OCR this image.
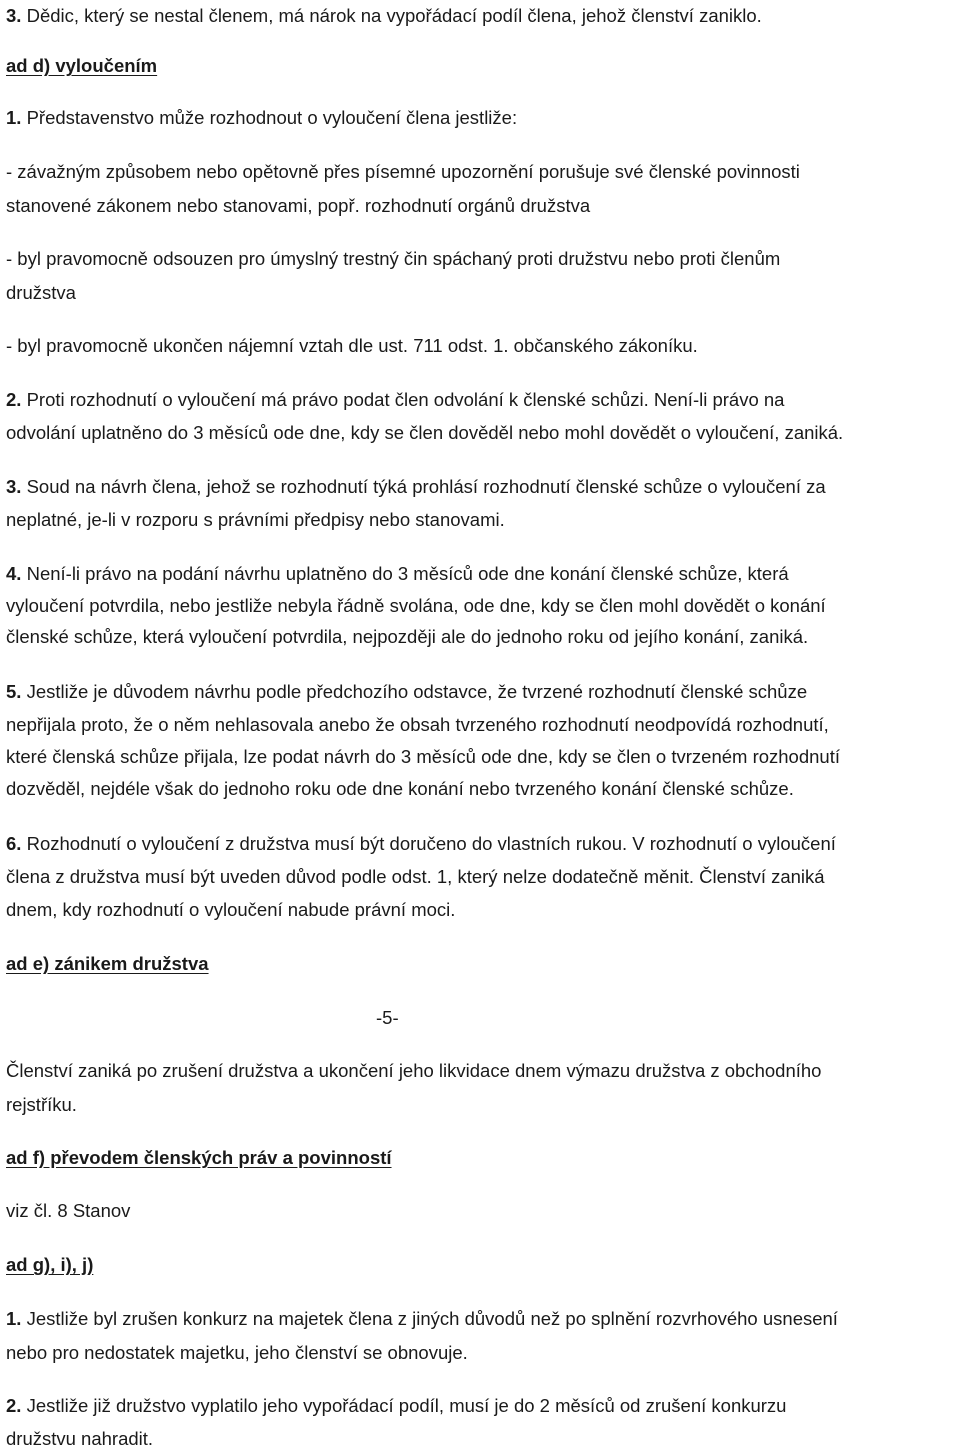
3. Dědic, který se nestal členem, má nárok na vypořádací podíl člena, jehož členství zaniklo.
ad d) vyloučením
1. Představenstvo může rozhodnout o vyloučení člena jestliže:
- závažným způsobem nebo opětovně přes písemné upozornění porušuje své členské povinnosti
stanovené zákonem nebo stanovami, popř. rozhodnutí orgánů družstva
- byl pravomocně odsouzen pro úmyslný trestný čin spáchaný proti družstvu nebo proti členům
družstva
- byl pravomocně ukončen nájemní vztah dle ust. 711 odst. 1. občanského zákoníku.
2. Proti rozhodnutí o vyloučení má právo podat člen odvolání k členské schůzi. Není-li právo na
odvolání uplatněno do 3 měsíců ode dne, kdy se člen dověděl nebo mohl dovědět o vyloučení, zaniká.
3. Soud na návrh člena, jehož se rozhodnutí týká prohlásí rozhodnutí členské schůze o vyloučení za
neplatné, je-li v rozporu s právními předpisy nebo stanovami.
4. Není-li právo na podání návrhu uplatněno do 3 měsíců ode dne konání členské schůze, která
vyloučení potvrdila, nebo jestliže nebyla řádně svolána, ode dne, kdy se člen mohl dovědět o konání
členské schůze, která vyloučení potvrdila, nejpozději ale do jednoho roku od jejího konání, zaniká.
5. Jestliže je důvodem návrhu podle předchozího odstavce, že tvrzené rozhodnutí členské schůze
nepřijala proto, že o něm nehlasovala anebo že obsah tvrzeného rozhodnutí neodpovídá rozhodnutí,
které členská schůze přijala, lze podat návrh do 3 měsíců ode dne, kdy se člen o tvrzeném rozhodnutí
dozvěděl, nejdéle však do jednoho roku ode dne konání nebo tvrzeného konání členské schůze.
6. Rozhodnutí o vyloučení z družstva musí být doručeno do vlastních rukou. V rozhodnutí o vyloučení
člena z družstva musí být uveden důvod podle odst. 1, který nelze dodatečně měnit. Členství zaniká
dnem, kdy rozhodnutí o vyloučení nabude právní moci.
ad e) zánikem družstva
-5-
Členství zaniká po zrušení družstva a ukončení jeho likvidace dnem výmazu družstva z obchodního
rejstříku.
ad f) převodem členských práv a povinností
viz čl. 8 Stanov
ad g), i), j)
1. Jestliže byl zrušen konkurz na majetek člena z jiných důvodů než po splnění rozvrhového usnesení
nebo pro nedostatek majetku, jeho členství se obnovuje.
2. Jestliže již družstvo vyplatilo jeho vypořádací podíl, musí je do 2 měsíců od zrušení konkurzu
družstvu nahradit.
